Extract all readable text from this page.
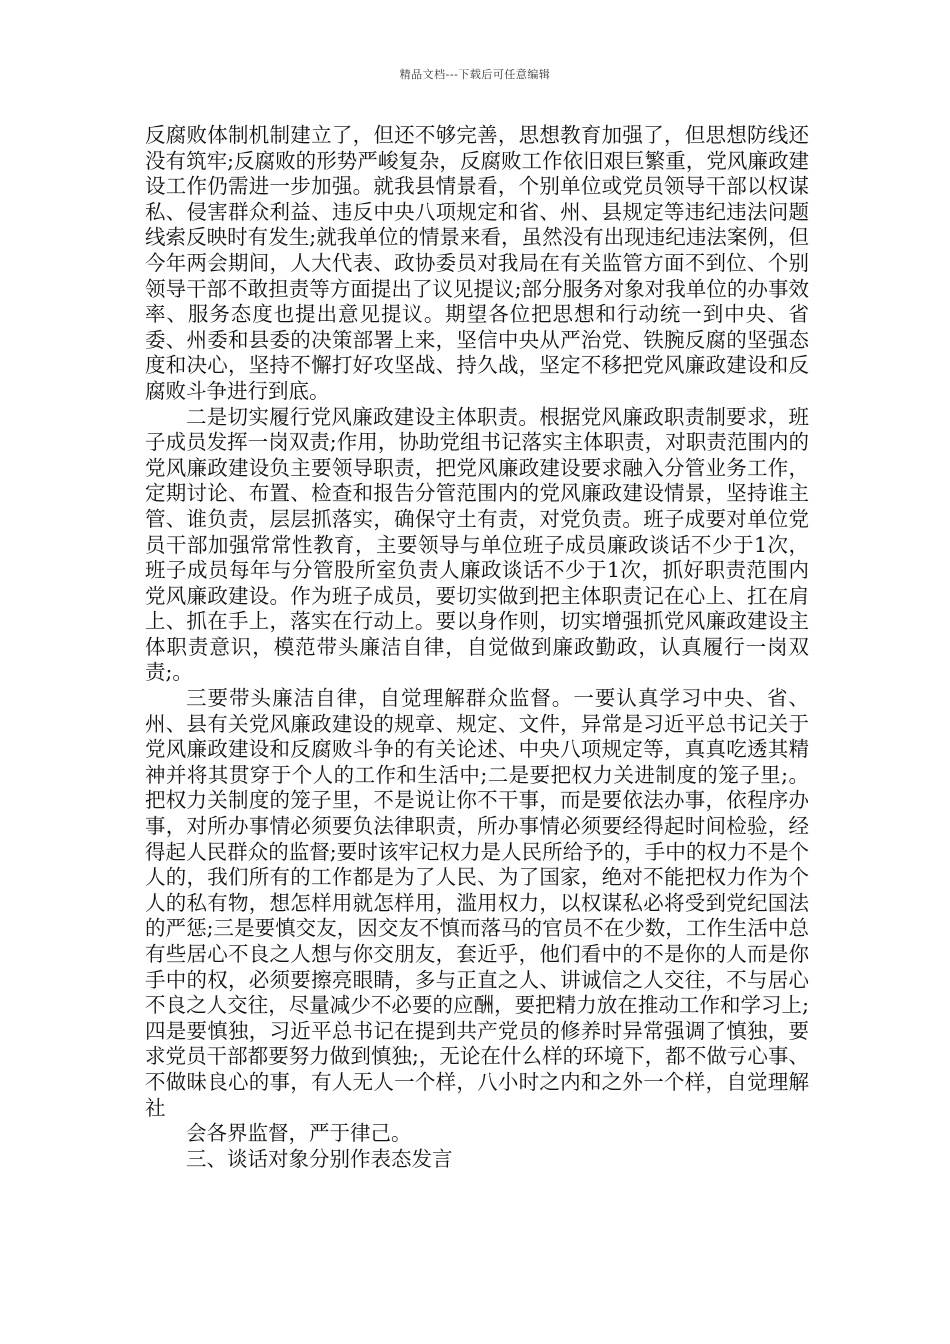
精品文档---下载后可任意编辑

反腐败体制机制建立了，但还不够完善，思想教育加强了，但思想防线还没有筑牢;反腐败的形势严峻复杂，反腐败工作依旧艰巨繁重，党风廉政建设工作仍需进一步加强。就我县情景看，个别单位或党员领导干部以权谋私、侵害群众利益、违反中央八项规定和省、州、县规定等违纪违法问题线索反映时有发生;就我单位的情景来看，虽然没有出现违纪违法案例，但今年两会期间，人大代表、政协委员对我局在有关监管方面不到位、个别领导干部不敢担责等方面提出了议见提议;部分服务对象对我单位的办事效率、服务态度也提出意见提议。期望各位把思想和行动统一到中央、省委、州委和县委的决策部署上来，坚信中央从严治党、铁腕反腐的坚强态度和决心，坚持不懈打好攻坚战、持久战，坚定不移把党风廉政建设和反腐败斗争进行到底。

二是切实履行党风廉政建设主体职责。根据党风廉政职责制要求，班子成员发挥一岗双责;作用，协助党组书记落实主体职责，对职责范围内的党风廉政建设负主要领导职责，把党风廉政建设要求融入分管业务工作，定期讨论、布置、检查和报告分管范围内的党风廉政建设情景，坚持谁主管、谁负责，层层抓落实，确保守土有责，对党负责。班子成要对单位党员干部加强常常性教育，主要领导与单位班子成员廉政谈话不少于1次，班子成员每年与分管股所室负责人廉政谈话不少于1次，抓好职责范围内党风廉政建设。作为班子成员，要切实做到把主体职责记在心上、扛在肩上、抓在手上，落实在行动上。要以身作则，切实增强抓党风廉政建设主体职责意识，模范带头廉洁自律，自觉做到廉政勤政，认真履行一岗双责;。

三要带头廉洁自律，自觉理解群众监督。一要认真学习中央、省、州、县有关党风廉政建设的规章、规定、文件，异常是习近平总书记关于党风廉政建设和反腐败斗争的有关论述、中央八项规定等，真真吃透其精神并将其贯穿于个人的工作和生活中;二是要把权力关进制度的笼子里;。把权力关制度的笼子里，不是说让你不干事，而是要依法办事，依程序办事，对所办事情必须要负法律职责，所办事情必须要经得起时间检验，经得起人民群众的监督;要时该牢记权力是人民所给予的，手中的权力不是个人的，我们所有的工作都是为了人民、为了国家，绝对不能把权力作为个人的私有物，想怎样用就怎样用，滥用权力，以权谋私必将受到党纪国法的严惩;三是要慎交友，因交友不慎而落马的官员不在少数，工作生活中总有些居心不良之人想与你交朋友，套近乎，他们看中的不是你的人而是你手中的权，必须要擦亮眼睛，多与正直之人、讲诚信之人交往，不与居心不良之人交往，尽量减少不必要的应酬，要把精力放在推动工作和学习上;四是要慎独，习近平总书记在提到共产党员的修养时异常强调了慎独，要求党员干部都要努力做到慎独;，无论在什么样的环境下，都不做亏心事、不做昧良心的事，有人无人一个样，八小时之内和之外一个样，自觉理解社

会各界监督，严于律己。

三、谈话对象分别作表态发言
